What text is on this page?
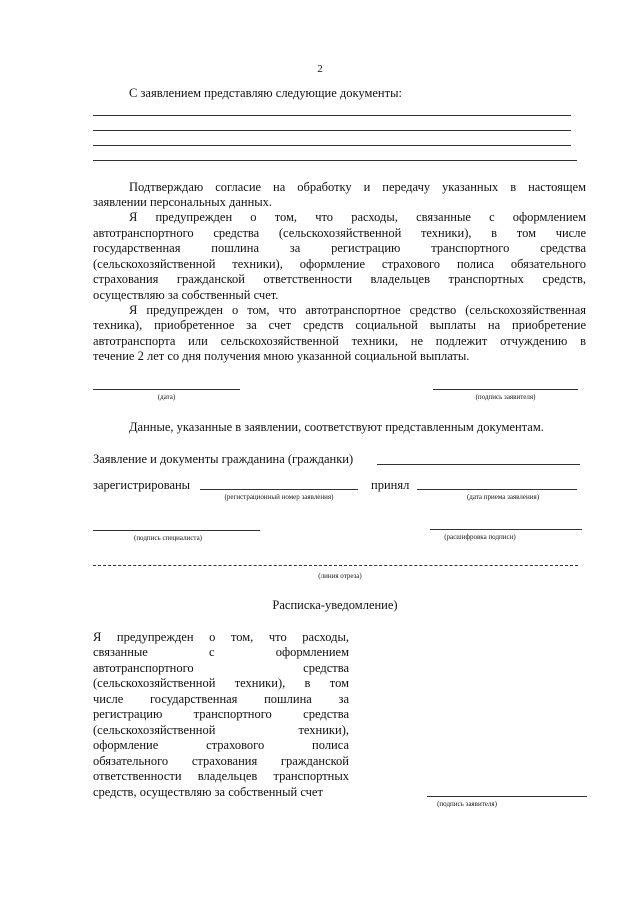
2
С заявлением представляю следующие документы:
Подтверждаю согласие на обработку и передачу указанных в настоящем
заявлении персональных данных.
Я предупрежден о том, что расходы, связанные с оформлением
автотранспортного средства (сельскохозяйственной техники), в том числе
государственная пошлина за регистрацию транспортного средства
(сельскохозяйственной техники), оформление страхового полиса обязательного
страхования гражданской ответственности владельцев транспортных средств,
осуществляю за собственный счет.
Я предупрежден о том, что автотранспортное средство (сельскохозяйственная
техника), приобретенное за счет средств социальной выплаты на приобретение
автотранспорта или сельскохозяйственной техники, не подлежит отчуждению в
течение 2 лет со дня получения мною указанной социальной выплаты.
(дата)	(подпись заявителя)
Данные, указанные в заявлении, соответствуют представленным документам.
Заявление и документы гражданина (гражданки)
зарегистрированы
(регистрационный номер заявления)
принял
(дата приема заявления)
(подпись специалиста)	(расшифровка подписи)
(линия отреза)
Расписка-уведомление)
Я предупрежден о том, что расходы,
связанные с оформлением
автотранспортного средства
(сельскохозяйственной техники), в том
числе государственная пошлина за
регистрацию транспортного средства
(сельскохозяйственной техники),
оформление страхового полиса
обязательного страхования гражданской
ответственности владельцев транспортных
средств, осуществляю за собственный счет
(подпись заявителя)
